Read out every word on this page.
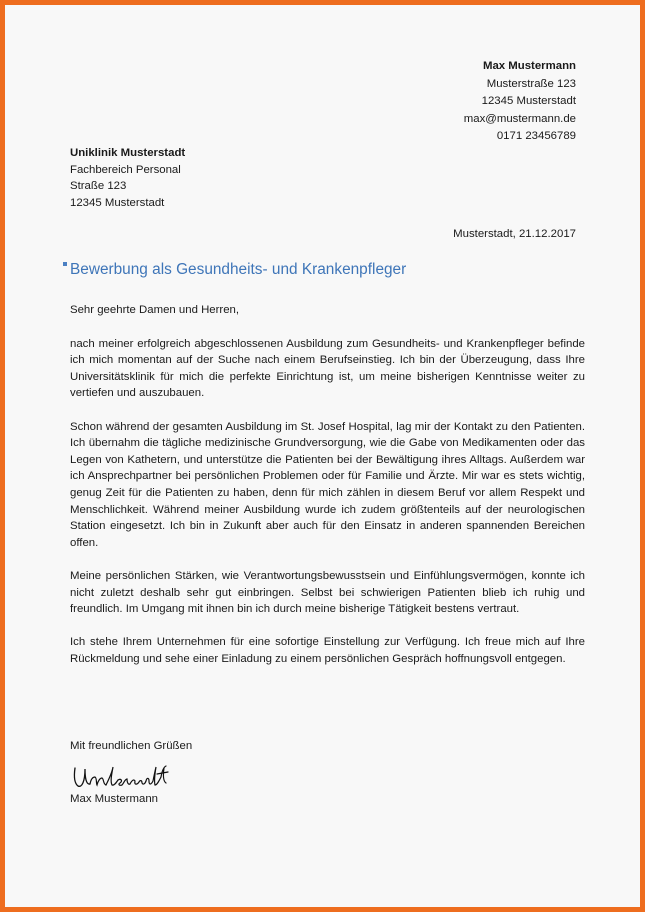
Max Mustermann
Musterstraße 123
12345 Musterstadt
max@mustermann.de
0171 23456789
Uniklinik Musterstadt
Fachbereich Personal
Straße 123
12345 Musterstadt
Musterstadt, 21.12.2017
Bewerbung als Gesundheits- und Krankenpfleger

Sehr geehrte Damen und Herren,

nach meiner erfolgreich abgeschlossenen Ausbildung zum Gesundheits- und Krankenpfleger befinde ich mich momentan auf der Suche nach einem Berufseinstieg. Ich bin der Überzeugung, dass Ihre Universitätsklinik für mich die perfekte Einrichtung ist, um meine bisherigen Kenntnisse weiter zu vertiefen und auszubauen.

Schon während der gesamten Ausbildung im St. Josef Hospital, lag mir der Kontakt zu den Patienten. Ich übernahm die tägliche medizinische Grundversorgung, wie die Gabe von Medikamenten oder das Legen von Kathetern, und unterstütze die Patienten bei der Bewältigung ihres Alltags. Außerdem war ich Ansprechpartner bei persönlichen Problemen oder für Familie und Ärzte. Mir war es stets wichtig, genug Zeit für die Patienten zu haben, denn für mich zählen in diesem Beruf vor allem Respekt und Menschlichkeit. Während meiner Ausbildung wurde ich zudem größtenteils auf der neurologischen Station eingesetzt. Ich bin in Zukunft aber auch für den Einsatz in anderen spannenden Bereichen offen.

Meine persönlichen Stärken, wie Verantwortungsbewusstsein und Einfühlungsvermögen, konnte ich nicht zuletzt deshalb sehr gut einbringen. Selbst bei schwierigen Patienten blieb ich ruhig und freundlich. Im Umgang mit ihnen bin ich durch meine bisherige Tätigkeit bestens vertraut.

Ich stehe Ihrem Unternehmen für eine sofortige Einstellung zur Verfügung. Ich freue mich auf Ihre Rückmeldung und sehe einer Einladung zu einem persönlichen Gespräch hoffnungsvoll entgegen.

Mit freundlichen Grüßen
Max Mustermann
